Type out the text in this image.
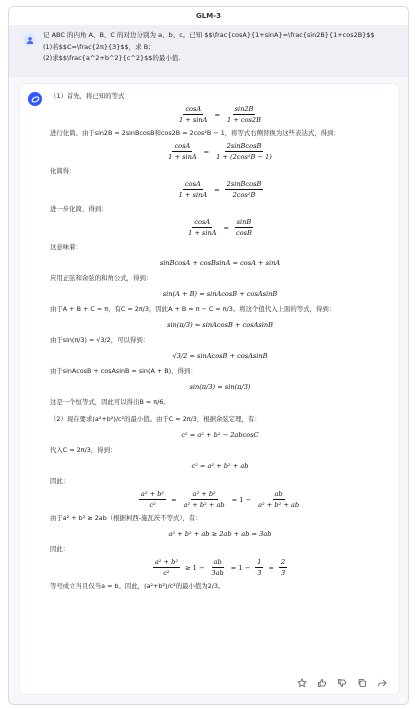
GLM-3
记 ABC 的内角 A、B、C 的对边分别为 a、b、c。已知 $$\frac{cosA}{1+sinA}=\frac{sin2B}{1+cos2B}$$
(1)若$$C=\frac{2π}{3}$$，求 B;
(2)求$$\frac{a^2+b^2}{c^2}$$的最小值.
（1）首先，将已知的等式
$\frac{\cos A}{1 + \sin A} = \frac{\sin 2B}{1 + \cos 2B}$
进行化简。由于sin2B = 2sinBcosB和cos2B = 2cos²B − 1，将等式右侧替换为这些表达式，得到：
$\frac{\cos A}{1 + \sin A} = \frac{\text{2sinBcosB}}{\text{1 + (2cos²B − 1)}}$
化简得：
$\frac{\cos A}{1 + \sin A} = \frac{\text{2sinBcosB}}{\text{2cos²B}}$
进一步化简，得到：
$\frac{\cos A}{1 + \sin A} = \frac{\sin B}{\cos B}$
这意味着：
sinBcosA + cosBsinA = cosA + sinA
应用正弦和余弦的和角公式，得到：
sin(A + B) = sinAcosB + cosAsinB
由于A + B + C = π，有C = 2π/3，因此A + B = π − C = π/3。将这个值代入上面的等式，得到：
sin(π/3) = sinAcosB + cosAsinB
由于sin(π/3) = √3/2，可以得到：
√3/2 = sinAcosB + cosAsinB
由于sinAcosB + cosAsinB = sin(A + B)，得到：
sin(π/3) = sin(π/3)
这是一个恒等式，因此可以得出B = π/6。
（2）现在要求(a²+b²)/c²的最小值。由于C = 2π/3，根据余弦定理，有：
c² = a² + b² − 2abcosC
代入C = 2π/3，得到：
c² = a² + b² + ab
因此：
$\frac{\text{a² + b²}}{\text{c²}} = \frac{\text{a² + b²}}{\text{a² + b² + ab}} = 1 - \frac{ab}{\text{a² + b² + ab}}$
由于a² + b² ≥ 2ab（根据柯西-施瓦茨不等式），有：
a² + b² + ab ≥ 2ab + ab = 3ab
因此：
$\frac{\text{a² + b²}}{\text{c²}} \ge 1 - \frac{ab}{3ab} = 1 - \frac{1}{3} = \frac{2}{3}$
等号成立当且仅当a = b。因此，(a²+b²)/c²的最小值为2/3。
